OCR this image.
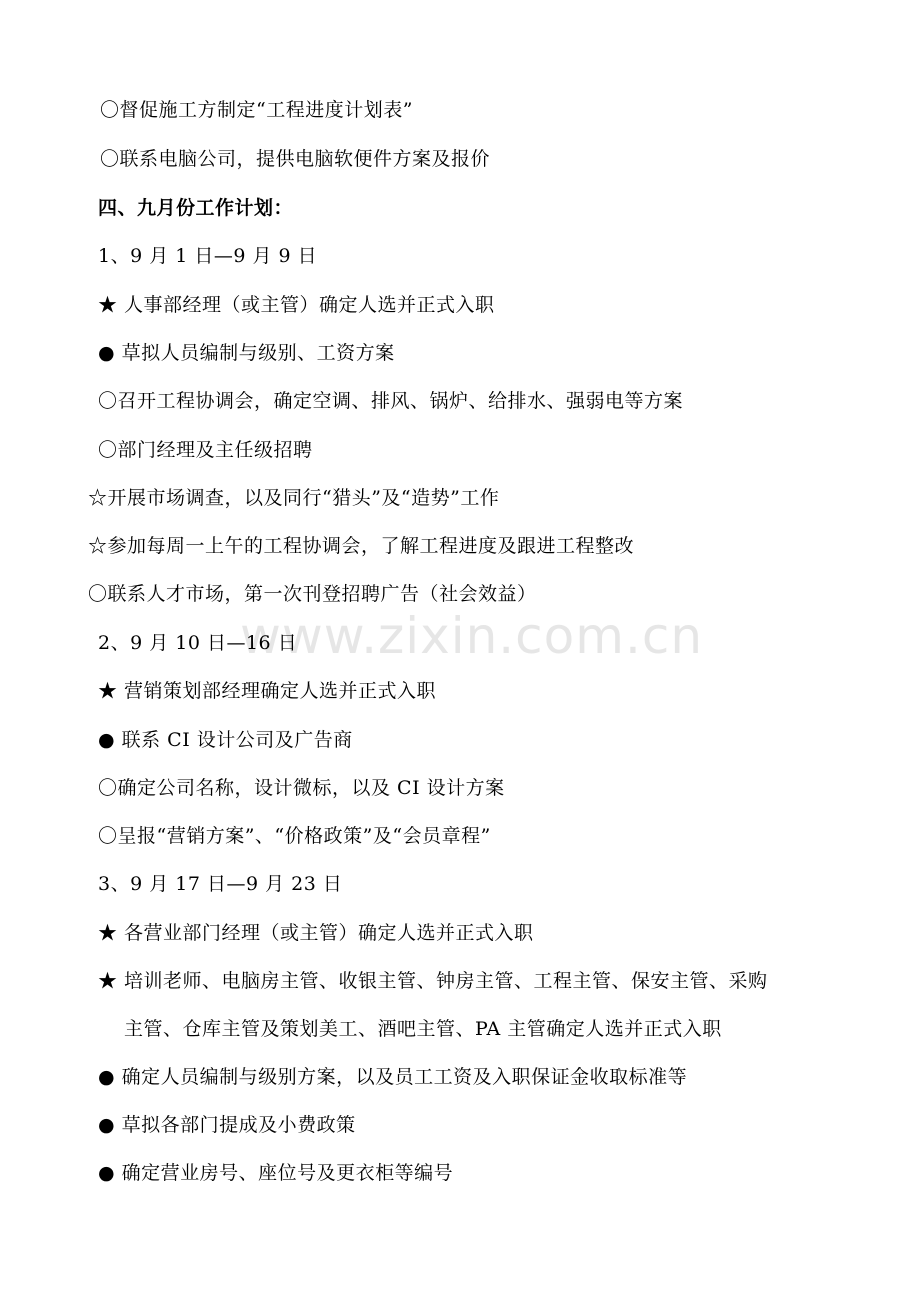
www.zixin.com.cn
〇督促施工方制定“工程进度计划表”
〇联系电脑公司，提供电脑软便件方案及报价
四、九月份工作计划：
1、9 月 1 日—9 月 9 日
★ 人事部经理（或主管）确定人选并正式入职
● 草拟人员编制与级别、工资方案
〇召开工程协调会，确定空调、排风、锅炉、给排水、强弱电等方案
〇部门经理及主任级招聘
☆开展市场调查，以及同行“猎头”及“造势”工作
☆参加每周一上午的工程协调会，了解工程进度及跟进工程整改
〇联系人才市场，第一次刊登招聘广告（社会效益）
2、9 月 10 日—16 日
★ 营销策划部经理确定人选并正式入职
● 联系 CI 设计公司及广告商
〇确定公司名称，设计微标，以及 CI 设计方案
〇呈报“营销方案”、“价格政策”及“会员章程”
3、9 月 17 日—9 月 23 日
★ 各营业部门经理（或主管）确定人选并正式入职
★ 培训老师、电脑房主管、收银主管、钟房主管、工程主管、保安主管、采购
主管、仓库主管及策划美工、酒吧主管、PA 主管确定人选并正式入职
● 确定人员编制与级别方案，以及员工工资及入职保证金收取标准等
● 草拟各部门提成及小费政策
● 确定营业房号、座位号及更衣柜等编号
